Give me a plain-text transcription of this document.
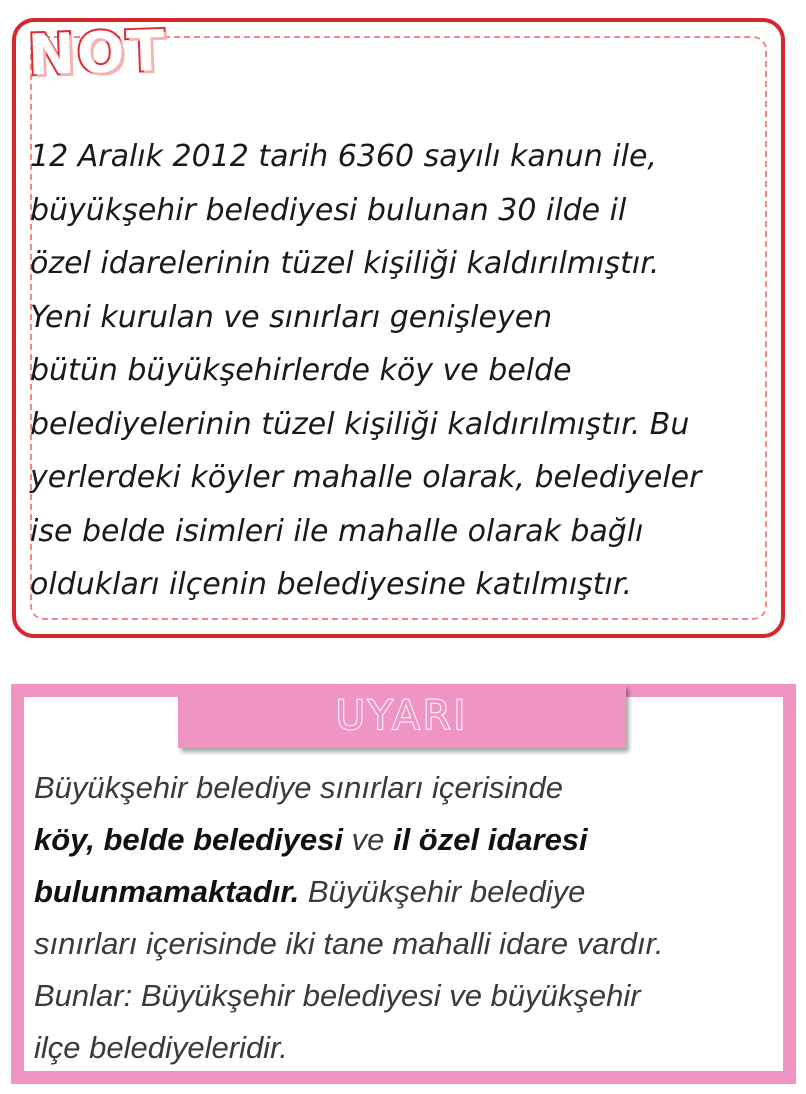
NOT

12 Aralık 2012 tarih 6360 sayılı kanun ile,
büyükşehir belediyesi bulunan 30 ilde il
özel idarelerinin tüzel kişiliği kaldırılmıştır.
Yeni kurulan ve sınırları genişleyen
bütün büyükşehirlerde köy ve belde
belediyelerinin tüzel kişiliği kaldırılmıştır. Bu
yerlerdeki köyler mahalle olarak, belediyeler
ise belde isimleri ile mahalle olarak bağlı
oldukları ilçenin belediyesine katılmıştır.

UYARI

Büyükşehir belediye sınırları içerisinde
köy, belde belediyesi ve il özel idaresi
bulunmamaktadır. Büyükşehir belediye
sınırları içerisinde iki tane mahalli idare vardır.
Bunlar: Büyükşehir belediyesi ve büyükşehir
ilçe belediyeleridir.
